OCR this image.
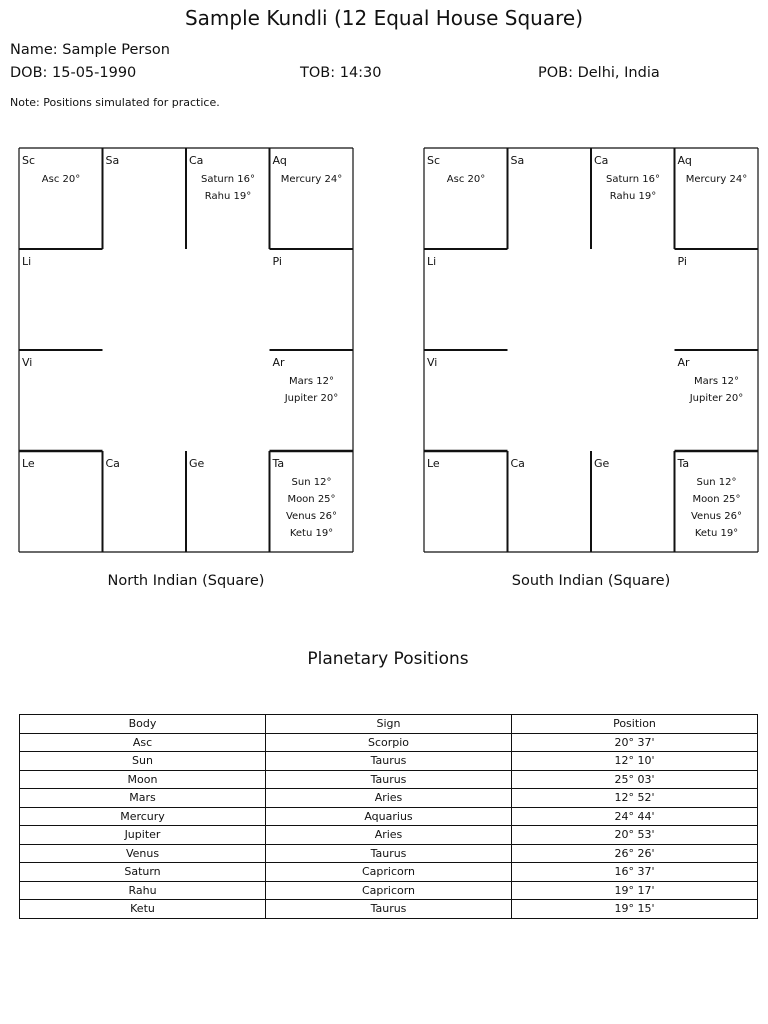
Sample Kundli (12 Equal House Square)
Name: Sample Person
DOB: 15-05-1990	TOB: 14:30	POB: Delhi, India
Note: Positions simulated for practice.
Sc
Asc 20°
Sa	Ca
Saturn 16°
Rahu 19°
Aq
Mercury 24°
Li	Pi
Vi	Ar
Mars 12°
Jupiter 20°
Le	Ca	Ge	Ta
Sun 12°
Moon 25°
Venus 26°
Ketu 19°
Sc
Asc 20°
Sa	Ca
Saturn 16°
Rahu 19°
Aq
Mercury 24°
Li	Pi
Vi	Ar
Mars 12°
Jupiter 20°
Le	Ca	Ge	Ta
Sun 12°
Moon 25°
Venus 26°
Ketu 19°
North Indian (Square)	South Indian (Square)
Planetary Positions
Body	Sign	Position
Asc	Scorpio	20° 37'
Sun	Taurus	12° 10'
Moon	Taurus	25° 03'
Mars	Aries	12° 52'
Mercury	Aquarius	24° 44'
Jupiter	Aries	20° 53'
Venus	Taurus	26° 26'
Saturn	Capricorn	16° 37'
Rahu	Capricorn	19° 17'
Ketu	Taurus	19° 15'
